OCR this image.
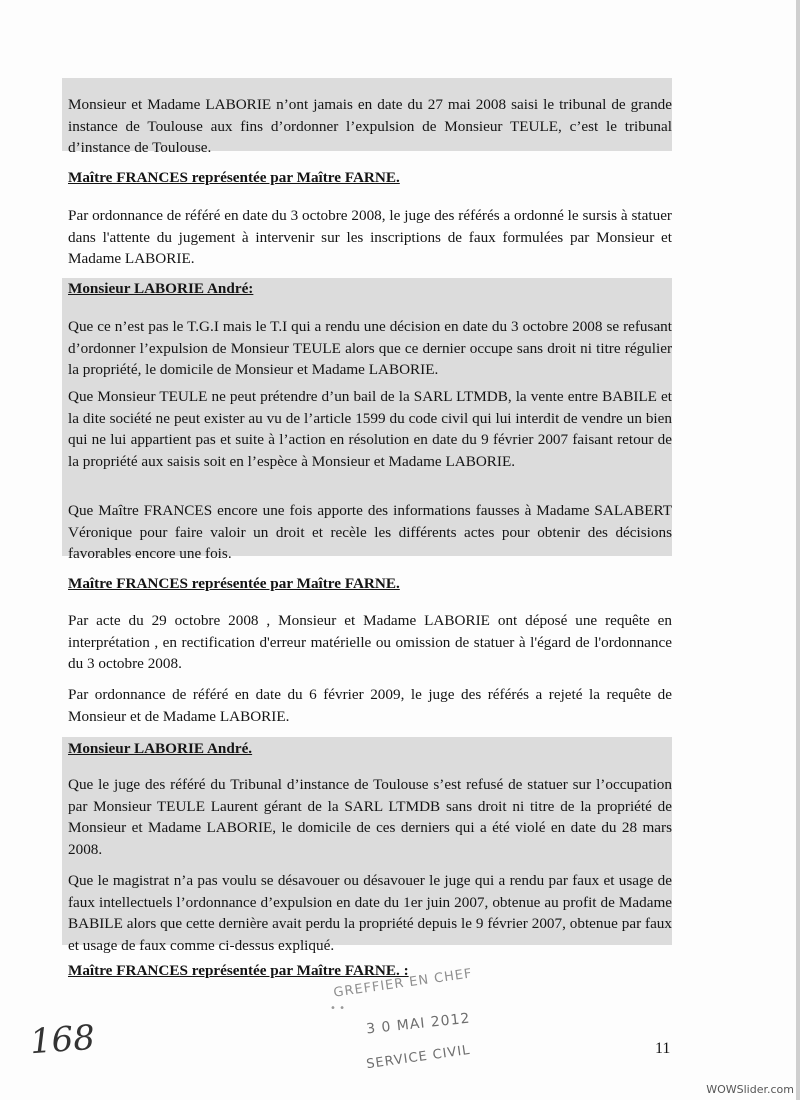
Monsieur et Madame LABORIE n’ont jamais en date du 27 mai 2008 saisi le tribunal de grande instance de Toulouse aux fins d’ordonner l’expulsion de Monsieur TEULE, c’est le tribunal d’instance de Toulouse.

Maître FRANCES représentée par Maître FARNE.

Par ordonnance de référé en date du 3 octobre 2008, le juge des référés a ordonné le sursis à statuer dans l'attente du jugement à intervenir sur les inscriptions de faux formulées par Monsieur et Madame LABORIE.

Monsieur LABORIE André:

Que ce n’est pas le T.G.I mais le T.I qui a rendu une décision en date du 3 octobre 2008 se refusant d’ordonner l’expulsion de Monsieur TEULE alors que ce dernier occupe sans droit ni titre régulier la propriété, le domicile de Monsieur et Madame LABORIE.

Que Monsieur TEULE ne peut prétendre d’un bail de la SARL LTMDB, la vente entre BABILE et la dite société ne peut exister au vu de l’article 1599 du code civil qui lui interdit de vendre un bien qui ne lui appartient pas et suite à l’action en résolution en date du 9 février 2007 faisant retour de la propriété aux saisis soit en l’espèce à Monsieur et Madame LABORIE.

Que Maître FRANCES encore une fois apporte des informations fausses à Madame SALABERT Véronique pour faire valoir un droit et recèle les différents actes pour obtenir des décisions favorables encore une fois.

Maître FRANCES représentée par Maître FARNE.

Par acte du 29 octobre 2008 , Monsieur et Madame LABORIE ont déposé une requête en interprétation , en rectification d'erreur matérielle ou omission de statuer à l'égard de l'ordonnance du 3 octobre 2008.

Par ordonnance de référé en date du 6 février 2009, le juge des référés a rejeté la requête de Monsieur et de Madame LABORIE.

Monsieur LABORIE André.

Que le juge des référé du Tribunal d’instance de Toulouse s’est refusé de statuer sur l’occupation par Monsieur TEULE Laurent gérant de la SARL LTMDB sans droit ni titre de la propriété de Monsieur et Madame LABORIE, le domicile de ces derniers qui a été violé en date du 28 mars 2008.

Que le magistrat n’a pas voulu se désavouer ou désavouer le juge qui a rendu par faux et usage de faux intellectuels l’ordonnance d’expulsion en date du 1er juin 2007, obtenue au profit de Madame BABILE alors que cette dernière avait perdu la propriété depuis le 9 février 2007, obtenue par faux et usage de faux comme ci-dessus expliqué.

Maître FRANCES représentée par Maître FARNE. :

GREFFIER EN CHEF
• •
3 0 MAI 2012
SERVICE CIVIL
168	11
WOWSlider.com
